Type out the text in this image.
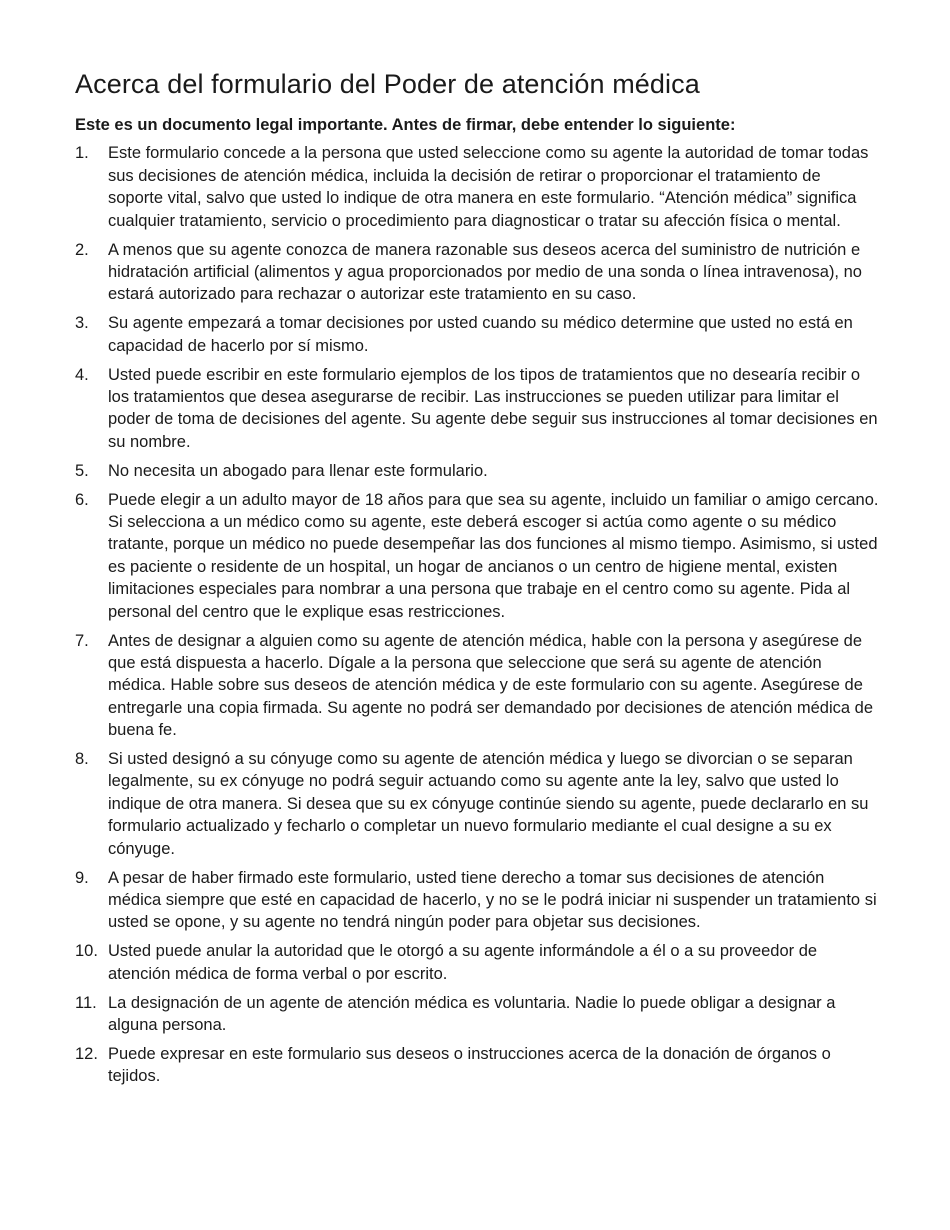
Acerca del formulario del Poder de atención médica

Este es un documento legal importante. Antes de firmar, debe entender lo siguiente:

1. Este formulario concede a la persona que usted seleccione como su agente la autoridad de tomar todas sus decisiones de atención médica, incluida la decisión de retirar o proporcionar el tratamiento de soporte vital, salvo que usted lo indique de otra manera en este formulario. “Atención médica” significa cualquier tratamiento, servicio o procedimiento para diagnosticar o tratar su afección física o mental.
2. A menos que su agente conozca de manera razonable sus deseos acerca del suministro de nutrición e hidratación artificial (alimentos y agua proporcionados por medio de una sonda o línea intravenosa), no estará autorizado para rechazar o autorizar este tratamiento en su caso.
3. Su agente empezará a tomar decisiones por usted cuando su médico determine que usted no está en capacidad de hacerlo por sí mismo.
4. Usted puede escribir en este formulario ejemplos de los tipos de tratamientos que no desearía recibir o los tratamientos que desea asegurarse de recibir. Las instrucciones se pueden utilizar para limitar el poder de toma de decisiones del agente. Su agente debe seguir sus instrucciones al tomar decisiones en su nombre.
5. No necesita un abogado para llenar este formulario.
6. Puede elegir a un adulto mayor de 18 años para que sea su agente, incluido un familiar o amigo cercano. Si selecciona a un médico como su agente, este deberá escoger si actúa como agente o su médico tratante, porque un médico no puede desempeñar las dos funciones al mismo tiempo. Asimismo, si usted es paciente o residente de un hospital, un hogar de ancianos o un centro de higiene mental, existen limitaciones especiales para nombrar a una persona que trabaje en el centro como su agente. Pida al personal del centro que le explique esas restricciones.
7. Antes de designar a alguien como su agente de atención médica, hable con la persona y asegúrese de que está dispuesta a hacerlo. Dígale a la persona que seleccione que será su agente de atención médica. Hable sobre sus deseos de atención médica y de este formulario con su agente. Asegúrese de entregarle una copia firmada. Su agente no podrá ser demandado por decisiones de atención médica de buena fe.
8. Si usted designó a su cónyuge como su agente de atención médica y luego se divorcian o se separan legalmente, su ex cónyuge no podrá seguir actuando como su agente ante la ley, salvo que usted lo indique de otra manera. Si desea que su ex cónyuge continúe siendo su agente, puede declararlo en su formulario actualizado y fecharlo o completar un nuevo formulario mediante el cual designe a su ex cónyuge.
9. A pesar de haber firmado este formulario, usted tiene derecho a tomar sus decisiones de atención médica siempre que esté en capacidad de hacerlo, y no se le podrá iniciar ni suspender un tratamiento si usted se opone, y su agente no tendrá ningún poder para objetar sus decisiones.
10. Usted puede anular la autoridad que le otorgó a su agente informándole a él o a su proveedor de atención médica de forma verbal o por escrito.
11. La designación de un agente de atención médica es voluntaria. Nadie lo puede obligar a designar a alguna persona.
12. Puede expresar en este formulario sus deseos o instrucciones acerca de la donación de órganos o tejidos.
